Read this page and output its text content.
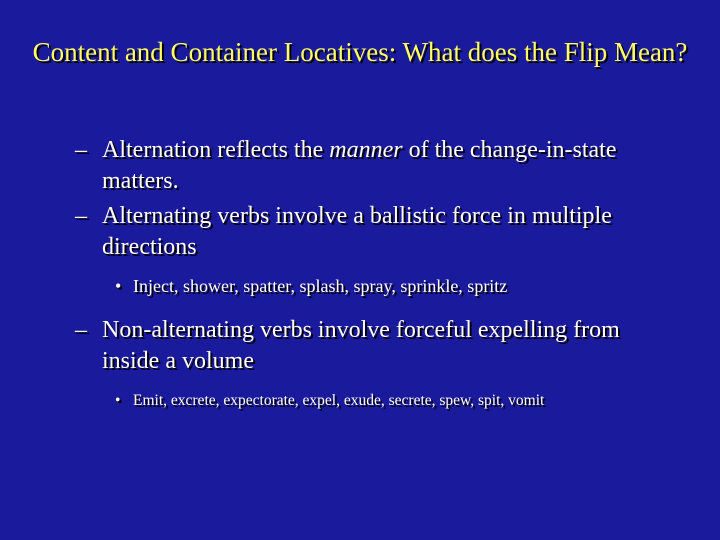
Content and Container Locatives: What does the Flip Mean?
– Alternation reflects the manner of the change-in-state matters.
– Alternating verbs involve a ballistic force in multiple directions
• Inject, shower, spatter, splash, spray, sprinkle, spritz
– Non-alternating verbs involve forceful expelling from inside a volume
• Emit, excrete, expectorate, expel, exude, secrete, spew, spit, vomit
